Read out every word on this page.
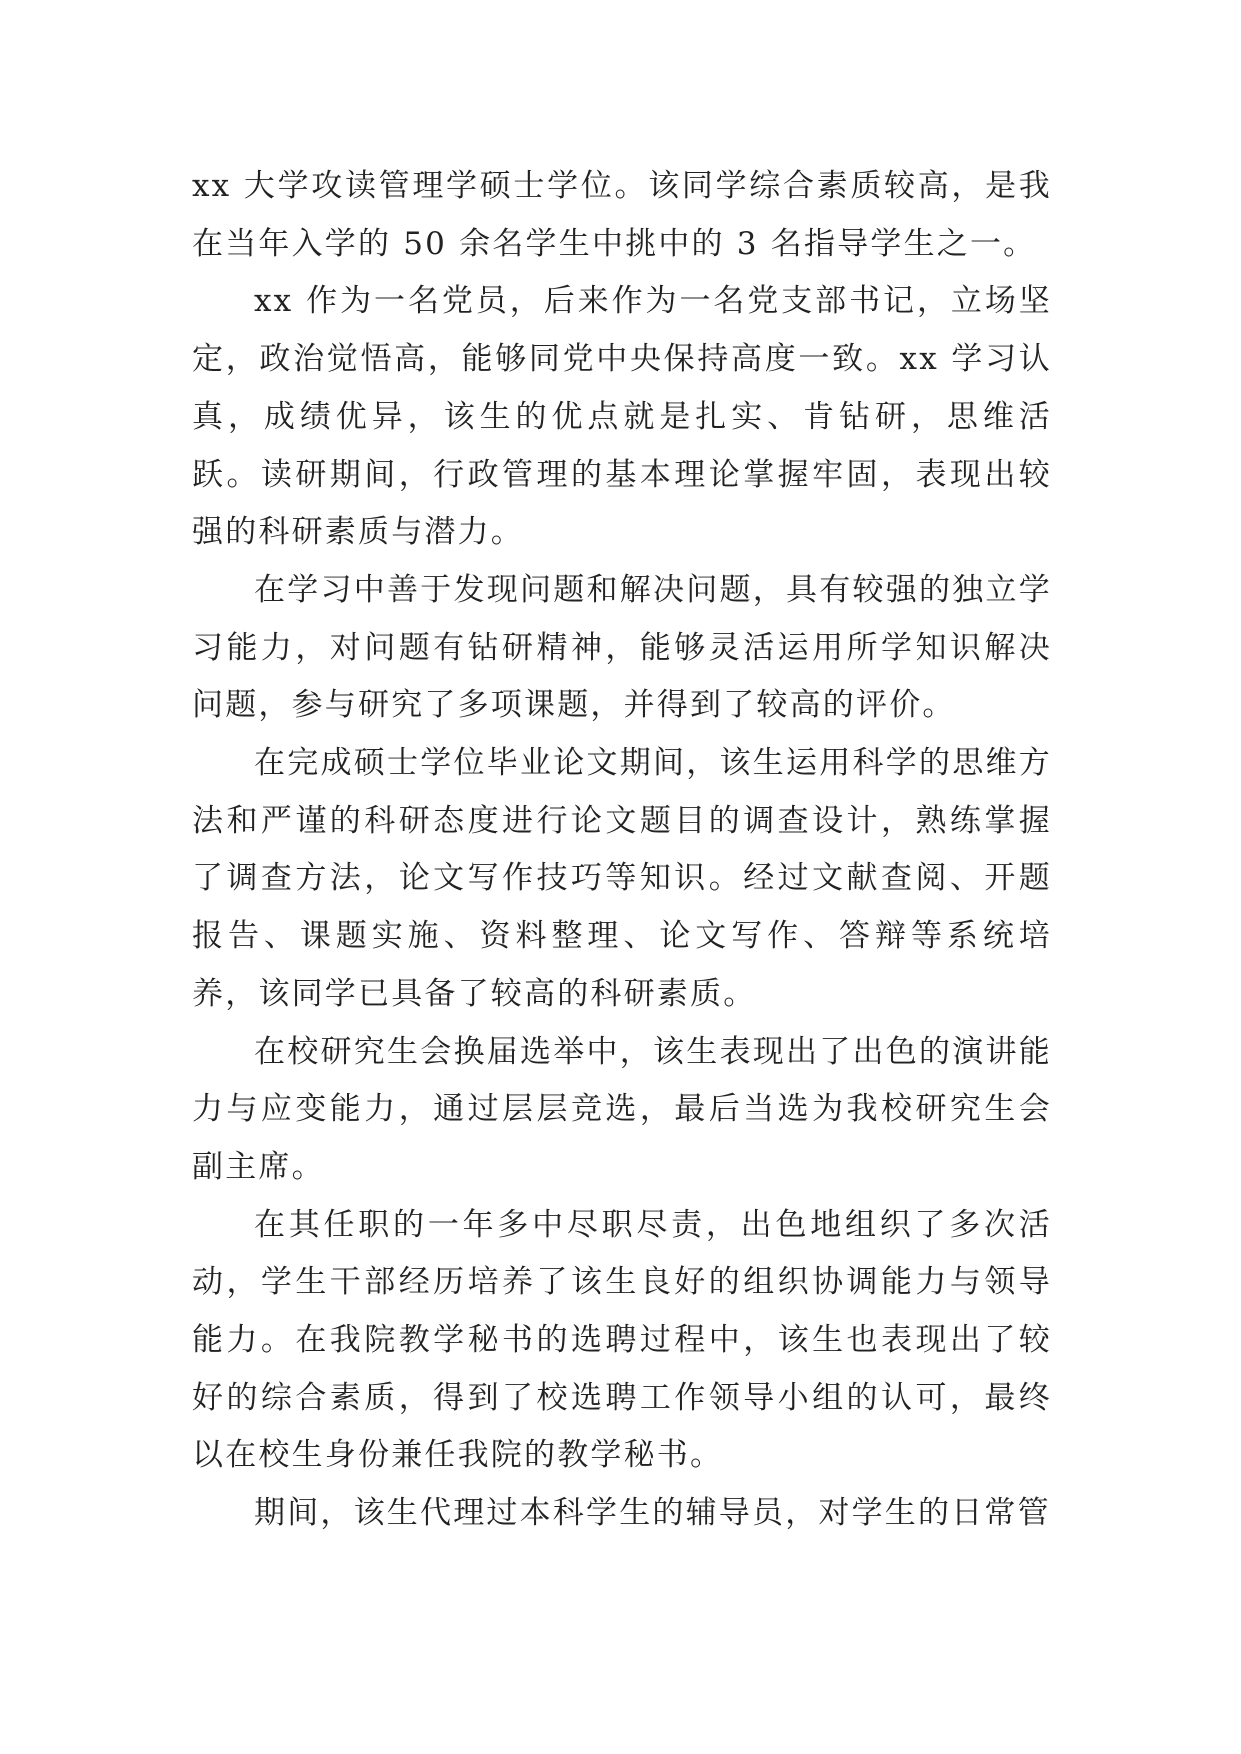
xx 大学攻读管理学硕士学位。该同学综合素质较高，是我在当年入学的 50 余名学生中挑中的 3 名指导学生之一。

xx 作为一名党员，后来作为一名党支部书记，立场坚定，政治觉悟高，能够同党中央保持高度一致。xx 学习认真，成绩优异，该生的优点就是扎实、肯钻研，思维活跃。读研期间，行政管理的基本理论掌握牢固，表现出较强的科研素质与潜力。

在学习中善于发现问题和解决问题，具有较强的独立学习能力，对问题有钻研精神，能够灵活运用所学知识解决问题，参与研究了多项课题，并得到了较高的评价。

在完成硕士学位毕业论文期间，该生运用科学的思维方法和严谨的科研态度进行论文题目的调查设计，熟练掌握了调查方法，论文写作技巧等知识。经过文献查阅、开题报告、课题实施、资料整理、论文写作、答辩等系统培养，该同学已具备了较高的科研素质。

在校研究生会换届选举中，该生表现出了出色的演讲能力与应变能力，通过层层竞选，最后当选为我校研究生会副主席。

在其任职的一年多中尽职尽责，出色地组织了多次活动，学生干部经历培养了该生良好的组织协调能力与领导能力。在我院教学秘书的选聘过程中，该生也表现出了较好的综合素质，得到了校选聘工作领导小组的认可，最终以在校生身份兼任我院的教学秘书。

期间，该生代理过本科学生的辅导员，对学生的日常管
